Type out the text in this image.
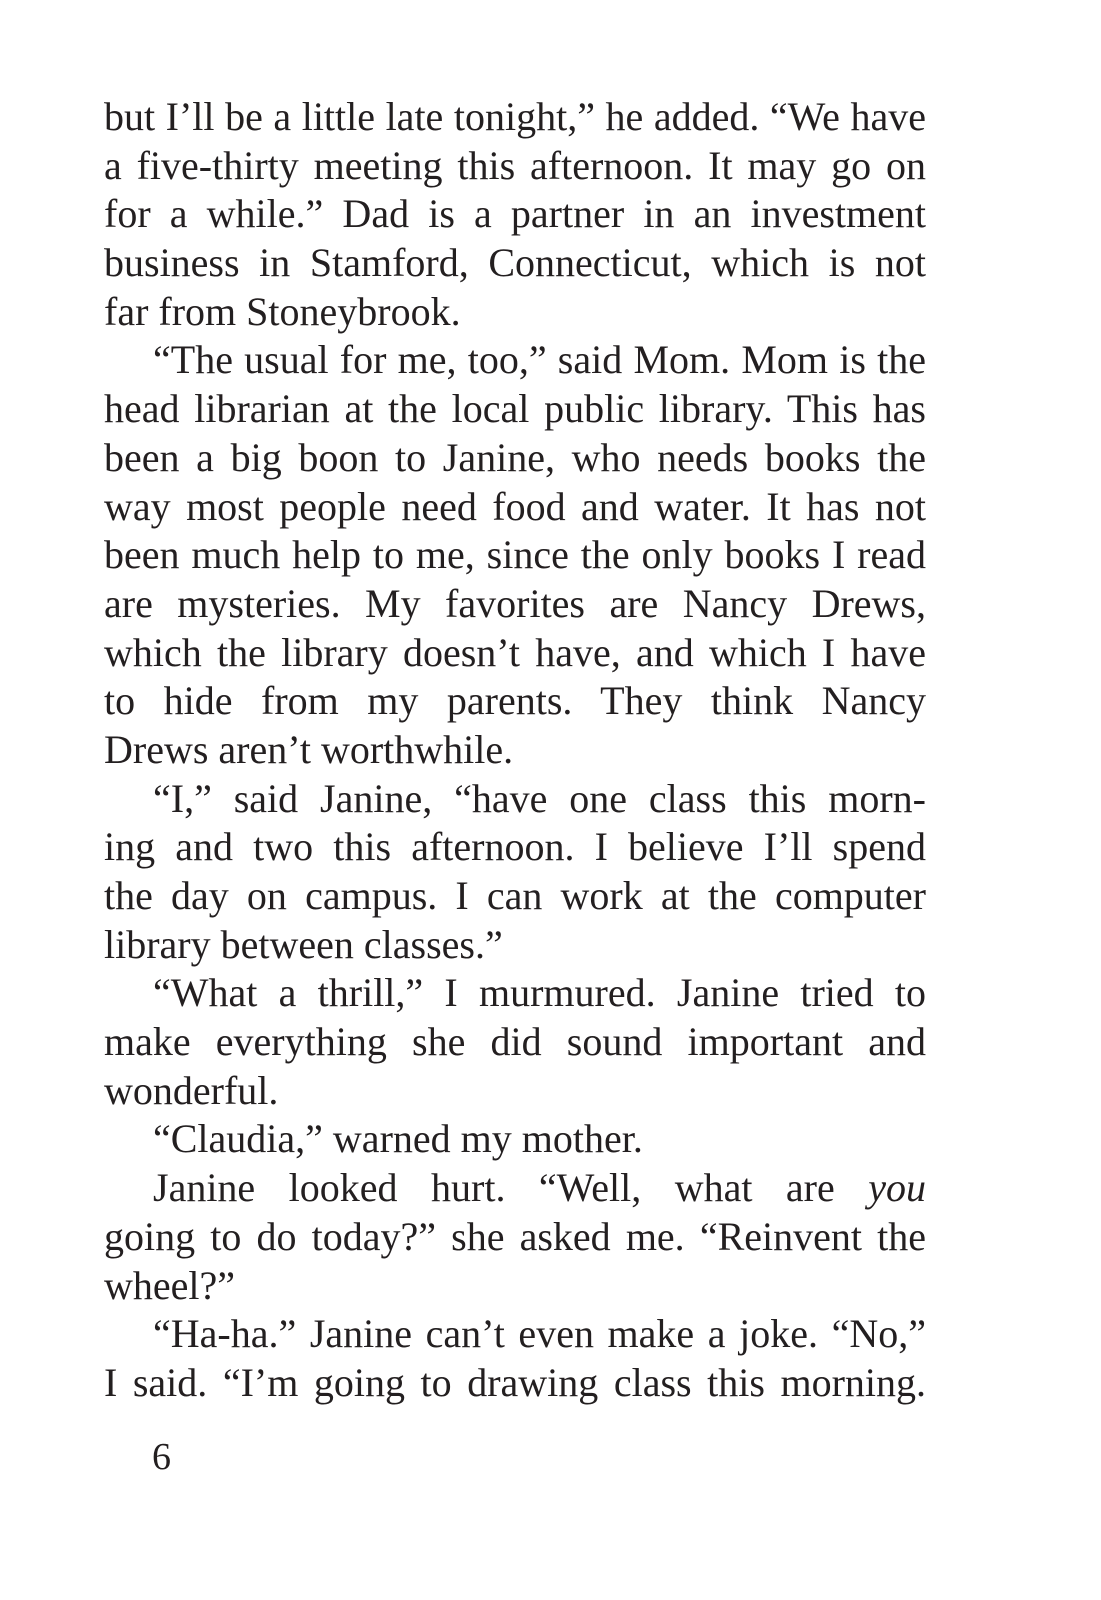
but I’ll be a little late tonight,” he added. “We have
a five-thirty meeting this afternoon. It may go on
for a while.” Dad is a partner in an investment
business in Stamford, Connecticut, which is not
far from Stoneybrook.
“The usual for me, too,” said Mom. Mom is the
head librarian at the local public library. This has
been a big boon to Janine, who needs books the
way most people need food and water. It has not
been much help to me, since the only books I read
are mysteries. My favorites are Nancy Drews,
which the library doesn’t have, and which I have
to hide from my parents. They think Nancy
Drews aren’t worthwhile.
“I,” said Janine, “have one class this morn-
ing and two this afternoon. I believe I’ll spend
the day on campus. I can work at the computer
library between classes.”
“What a thrill,” I murmured. Janine tried to
make everything she did sound important and
wonderful.
“Claudia,” warned my mother.
Janine looked hurt. “Well, what are you
going to do today?” she asked me. “Reinvent the
wheel?”
“Ha-ha.” Janine can’t even make a joke. “No,”
I said. “I’m going to drawing class this morning.
6
